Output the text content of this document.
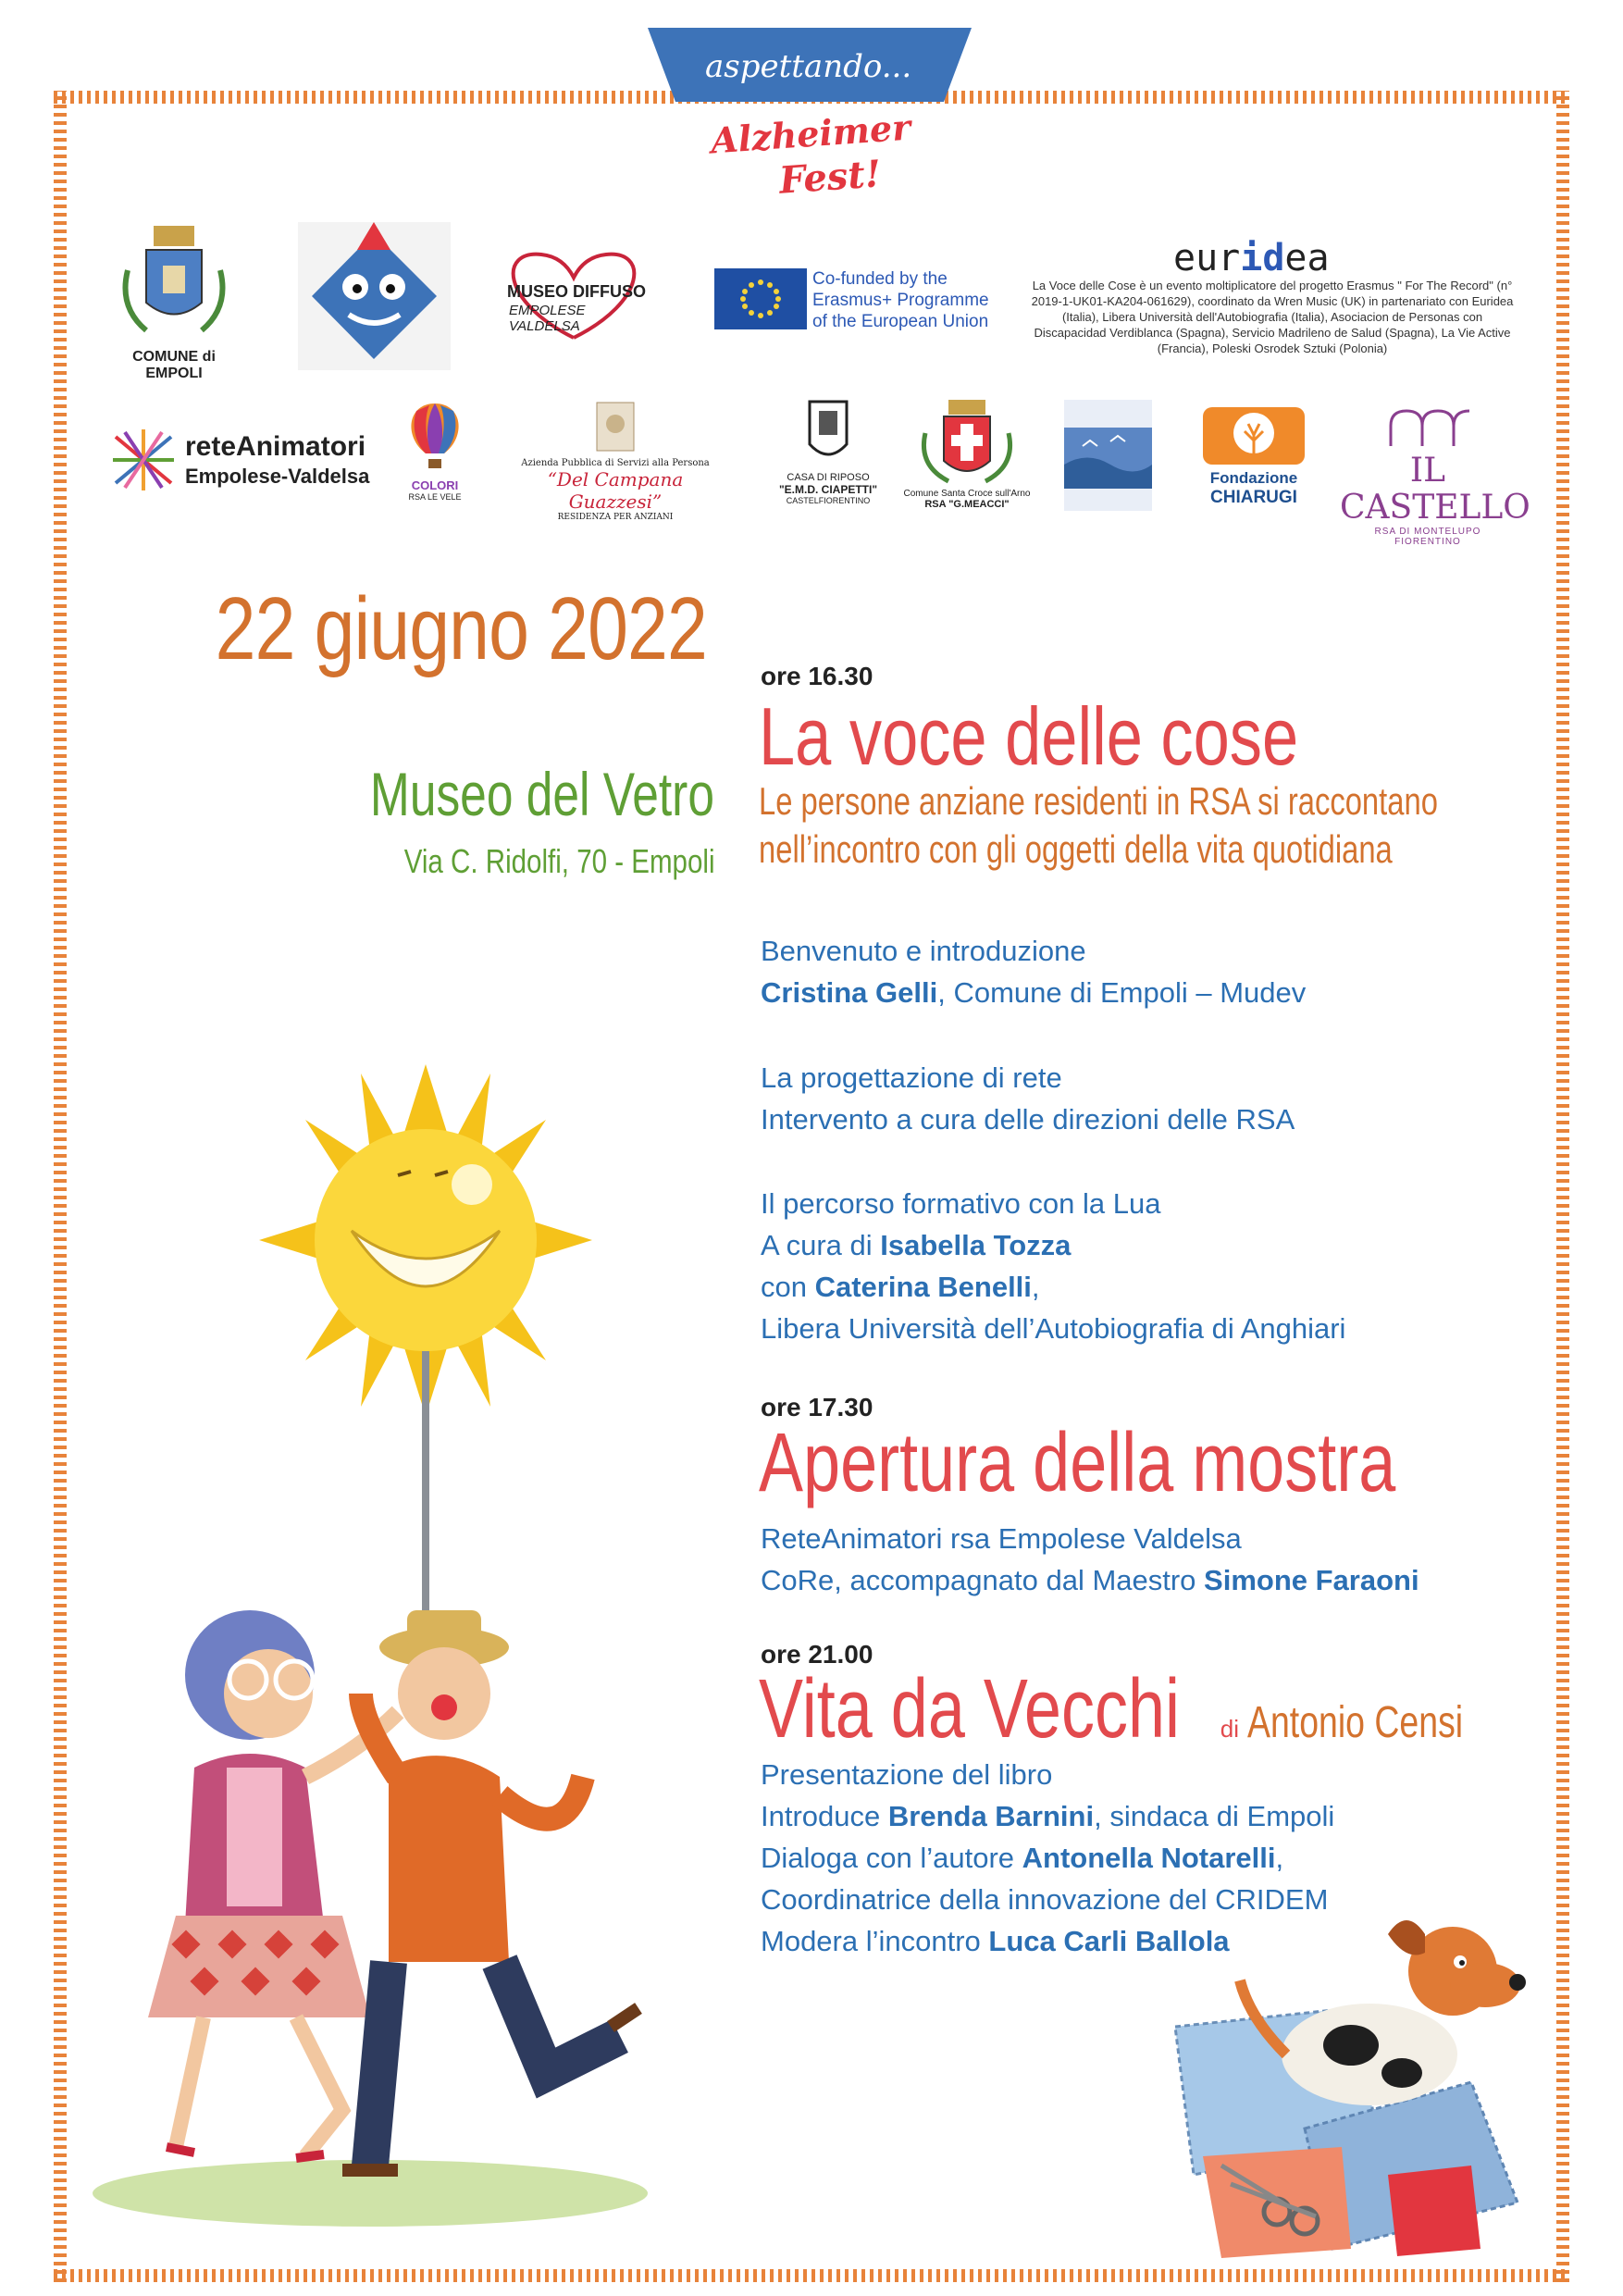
aspettando...
Alzheimer
Fest!
COMUNE di EMPOLI
MUSEO DIFFUSO
EMPOLESE VALDELSA
Co-funded by the Erasmus+ Programme of the European Union
euridea
La Voce delle Cose è un evento moltiplicatore del progetto Erasmus " For The Record" (n° 2019-1-UK01-KA204-061629), coordinato da Wren Music (UK) in partenariato con Euridea (Italia), Libera Università dell'Autobiografia (Italia), Asociacion de Personas con Discapacidad Verdiblanca (Spagna), Servicio Madrileno de Salud (Spagna), La Vie Active (Francia), Poleski Osrodek Sztuki (Polonia)
reteAnimatori
Empolese-Valdelsa	COLORI
RSA LE VELE
Azienda Pubblica di Servizi alla Persona
“Del Campana Guazzesi”
RESIDENZA PER ANZIANI
CASA DI RIPOSO
"E.M.D. CIAPETTI"
CASTELFIORENTINO
Comune Santa Croce sull'Arno
RSA "G.MEACCI"
Fondazione
CHIARUGI
IL CASTELLO
RSA DI MONTELUPO FIORENTINO
22 giugno 2022
Museo del Vetro
Via C. Ridolfi, 70 - Empoli
ore 16.30
La voce delle cose
Le persone anziane residenti in RSA si raccontano
nell’incontro con gli oggetti della vita quotidiana
Benvenuto e introduzione
Cristina Gelli, Comune di Empoli – Mudev
La progettazione di rete
Intervento a cura delle direzioni delle RSA
Il percorso formativo con la Lua
A cura di Isabella Tozza
con Caterina Benelli,
Libera Università dell’Autobiografia di Anghiari
ore 17.30
Apertura della mostra
ReteAnimatori rsa Empolese Valdelsa
CoRe, accompagnato dal Maestro Simone Faraoni
ore 21.00
Vita da Vecchi di Antonio Censi
Presentazione del libro
Introduce Brenda Barnini, sindaca di Empoli
Dialoga con l’autore Antonella Notarelli,
Coordinatrice della innovazione del CRIDEM
Modera l’incontro Luca Carli Ballola
